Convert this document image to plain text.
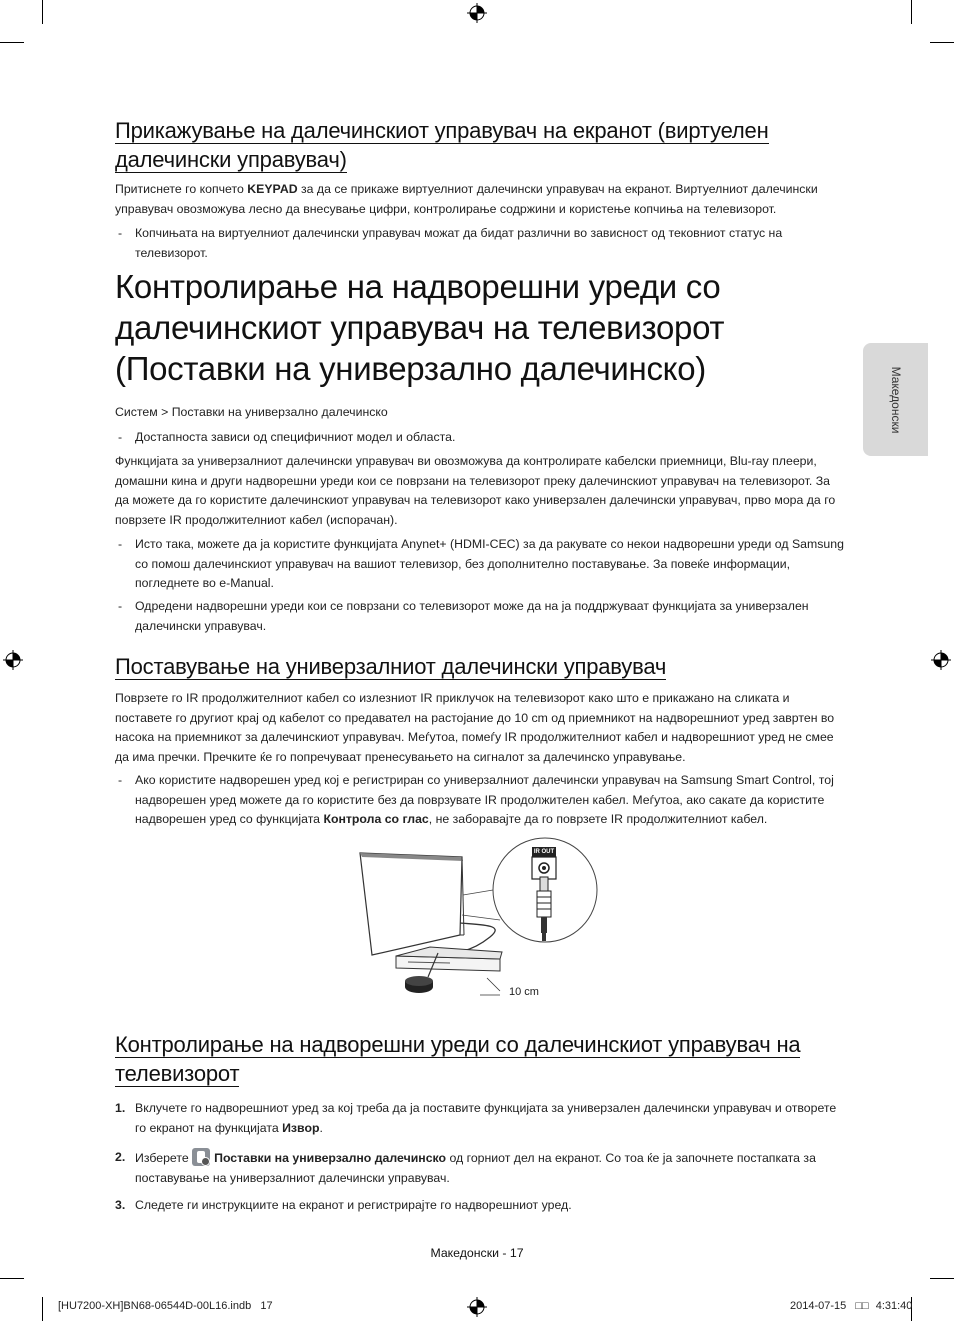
Македонски
Прикажување на далечинскиот управувач на екранот (виртуелен далечински управувач)
Притиснете го копчето KEYPAD за да се прикаже виртуелниот далечински управувач на екранот. Виртуелниот далечински управувач овозможува лесно да внесување цифри, контролирање содржини и користење копчиња на телевизорот.
- Копчињата на виртуелниот далечински управувач можат да бидат различни во зависност од тековниот статус на телевизорот.
Контролирање на надворешни уреди со далечинскиот управувач на телевизорот (Поставки на универзално далечинско)
Систем > Поставки на универзално далечинско
- Достапноста зависи од специфичниот модел и областа.
Функцијата за универзалниот далечински управувач ви овозможува да контролирате кабелски приемници, Blu-ray плеери, домашни кина и други надворешни уреди кои се поврзани на телевизорот преку далечинскиот управувач на телевизорот. За да можете да го користите далечинскиот управувач на телевизорот како универзален далечински управувач, прво мора да го поврзете IR продолжителниот кабел (испорачан).
- Исто така, можете да ја користите функцијата Anynet+ (HDMI-CEC) за да ракувате со некои надворешни уреди од Samsung со помош далечинскиот управувач на вашиот телевизор, без дополнително поставување. За повеќе информации, погледнете во e-Manual.
- Одредени надворешни уреди кои се поврзани со телевизорот може да на ја поддржуваат функцијата за универзален далечински управувач.
Поставување на универзалниот далечински управувач
Поврзете го IR продолжителниот кабел со излезниот IR приклучок на телевизорот како што е прикажано на сликата и поставете го другиот крај од кабелот со предавател на растојание до 10 cm од приемникот на надворешниот уред завртен во насока на приемникот за далечинскиот управувач. Меѓутоа, помеѓу IR продолжителниот кабел и надворешниот уред не смее да има пречки. Пречките ќе го попречуваат пренесувањето на сигналот за далечинско управување.
- Ако користите надворешен уред кој е регистриран со универзалниот далечински управувач на Samsung Smart Control, тој надворешен уред можете да го користите без да поврзувате IR продолжителен кабел. Меѓутоа, ако сакате да користите надворешен уред со функцијата Контрола со глас, не заборавајте да го поврзете IR продолжителниот кабел.
IR OUT
10 cm
Контролирање на надворешни уреди со далечинскиот управувач на телевизорот
1. Вклучете го надворешниот уред за кој треба да ја поставите функцијата за универзален далечински управувач и отворете го екранот на функцијата Извор.
2. Изберете
Поставки на универзално далечинско од горниот дел на екранот. Со тоа ќе ја започнете постапката за поставување на универзалниот далечински управувач.
3. Следете ги инструкциите на екранот и регистрирајте го надворешниот уред.
Македонски - 17
[HU7200-XH]BN68-06544D-00L16.indb   17	2014-07-15 □□ 4:31:40
